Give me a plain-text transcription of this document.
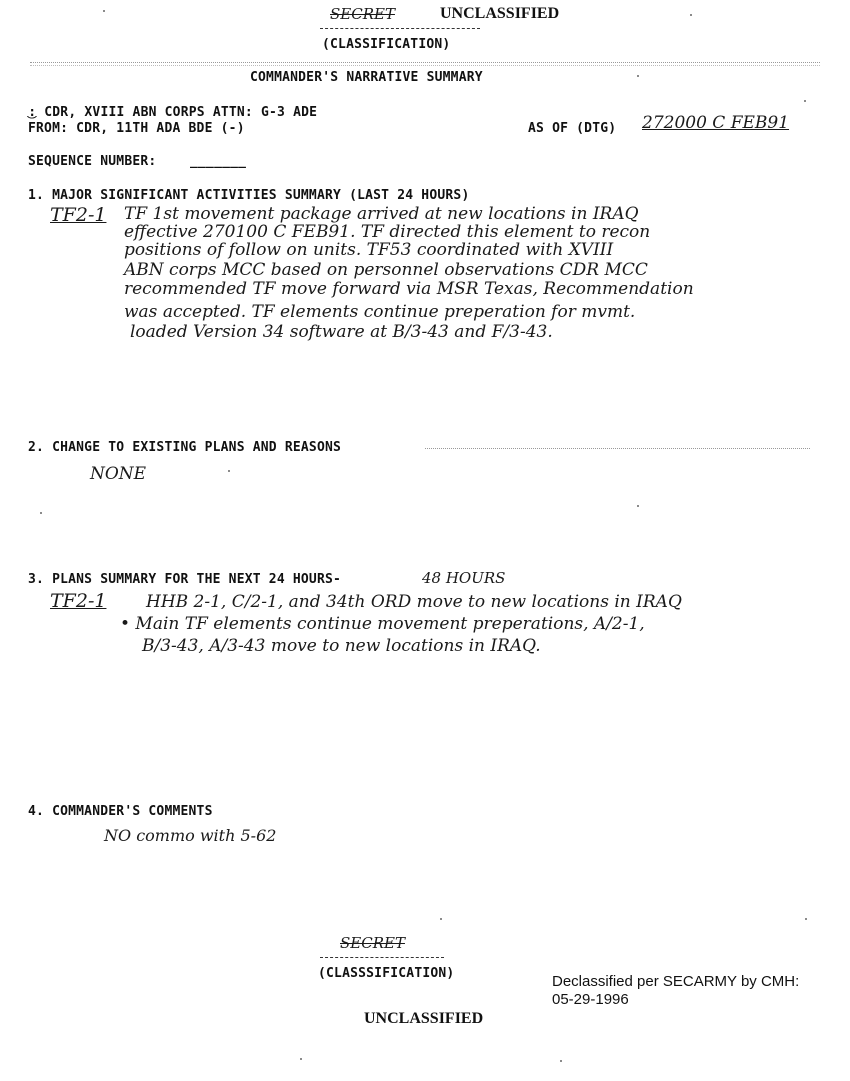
SECRET	UNCLASSIFIED
(CLASSIFICATION)
COMMANDER'S NARRATIVE SUMMARY
͜: CDR, XVIII ABN CORPS ATTN: G-3 ADE
FROM: CDR, 11TH ADA BDE (-)	AS OF (DTG) 272000 C FEB91
SEQUENCE NUMBER:	_______
1. MAJOR SIGNIFICANT ACTIVITIES SUMMARY (LAST 24 HOURS)
TF2-1 TF 1st movement package arrived at new locations in IRAQ
effective 270100 C FEB91. TF directed this element to recon
positions of follow on units. TF53 coordinated with XVIII
ABN corps MCC based on personnel observations CDR MCC
recommended TF move forward via MSR Texas, Recommendation
was accepted. TF elements continue preperation for mvmt.
loaded Version 34 software at B/3-43 and F/3-43.
2. CHANGE TO EXISTING PLANS AND REASONS
NONE
3. PLANS SUMMARY FOR THE NEXT 24 HOURS-	48 HOURS
TF2-1 HHB 2-1, C/2-1, and 34th ORD move to new locations in IRAQ
• Main TF elements continue movement preperations, A/2-1,
B/3-43, A/3-43 move to new locations in IRAQ.
4. COMMANDER'S COMMENTS
NO commo with 5-62
SECRET
(CLASSSIFICATION)	Declassified per SECARMY by CMH:
05-29-1996
UNCLASSIFIED
